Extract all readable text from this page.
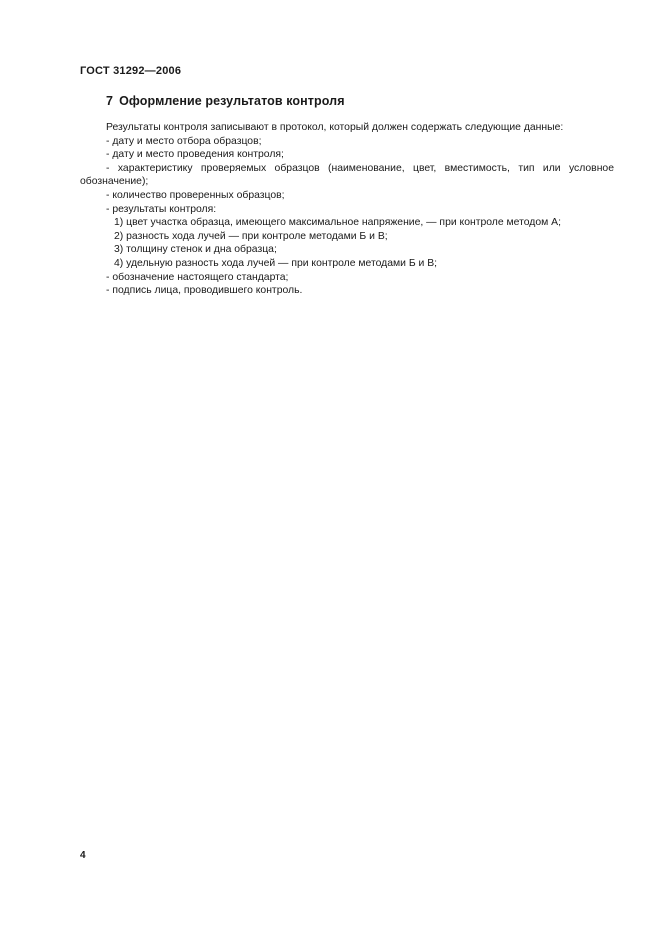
ГОСТ 31292—2006
7 Оформление результатов контроля
Результаты контроля записывают в протокол, который должен содержать следующие данные:
- дату и место отбора образцов;
- дату и место проведения контроля;
- характеристику проверяемых образцов (наименование, цвет, вместимость, тип или условное
обозначение);
- количество проверенных образцов;
- результаты контроля:
1) цвет участка образца, имеющего максимальное напряжение, — при контроле методом А;
2) разность хода лучей — при контроле методами Б и В;
3) толщину стенок и дна образца;
4) удельную разность хода лучей — при контроле методами Б и В;
- обозначение настоящего стандарта;
- подпись лица, проводившего контроль.
4
